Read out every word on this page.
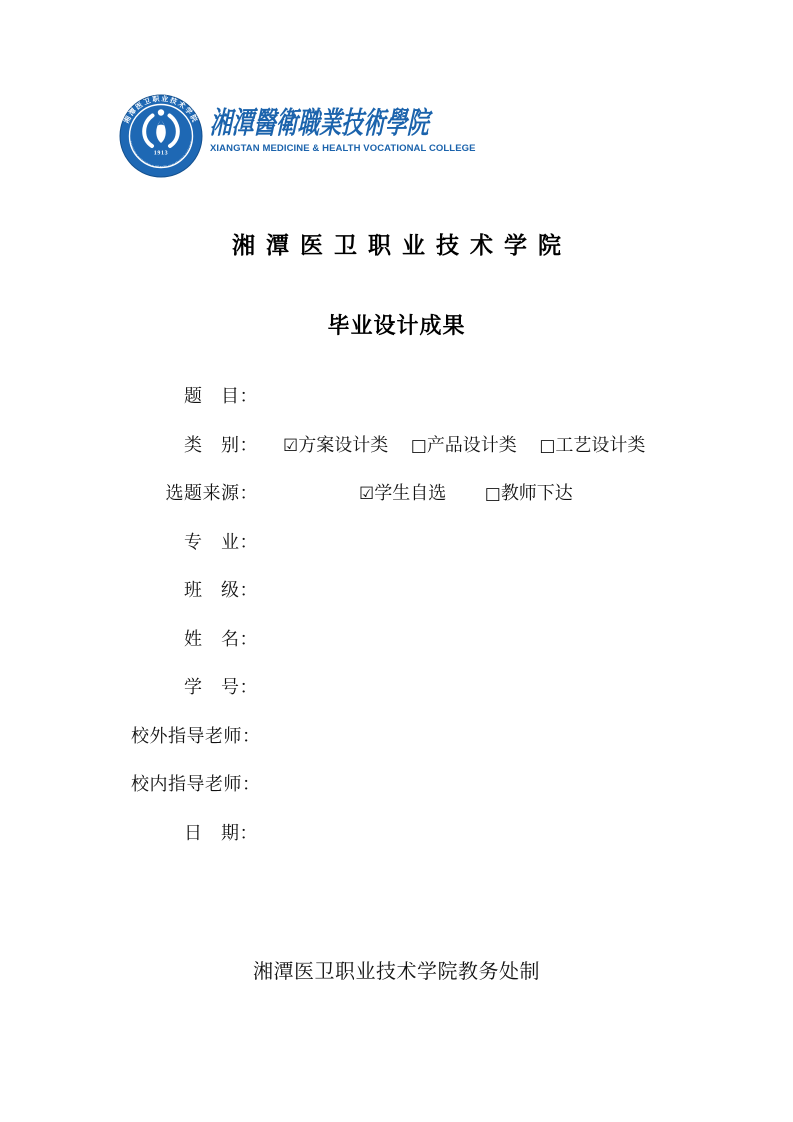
湘潭医卫职业技术学院
XIANGTAN MEDICINE & HEALTH VOCATIONAL COLLEGE
1913
湘潭醫衛職業技術學院
XIANGTAN MEDICINE & HEALTH VOCATIONAL COLLEGE
湘潭医卫职业技术学院
毕业设计成果
题　目：
类　别： ☑方案设计类 □产品设计类 □工艺设计类
选题来源：	☑学生自选 □教师下达
专　业：
班　级：
姓　名：
学　号：
校外指导老师：
校内指导老师：
日　期：
湘潭医卫职业技术学院教务处制
